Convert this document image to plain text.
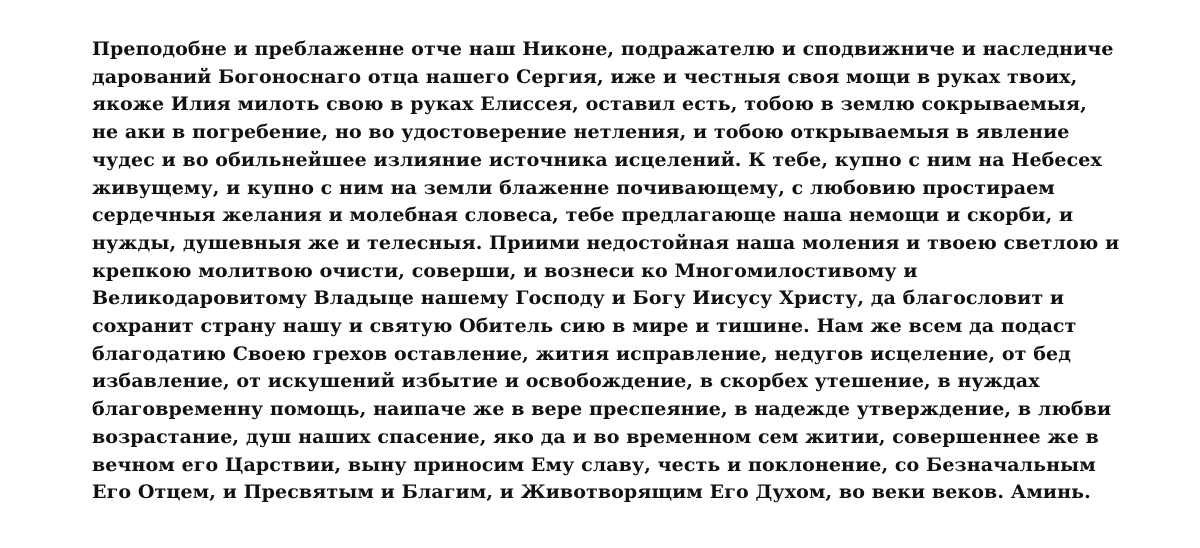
Преподобне и преблаженне отче наш Никоне, подражателю и сподвижниче и наследниче
дарований Богоноснаго отца нашего Сергия, иже и честныя своя мощи в руках твоих,
якоже Илия милоть свою в руках Елиссея, оставил есть, тобою в землю сокрываемыя,
не аки в погребение, но во удостоверение нетления, и тобою открываемыя в явление
чудес и во обильнейшее излияние источника исцелений. К тебе, купно с ним на Небесех
живущему, и купно с ним на земли блаженне почивающему, с любовию простираем
сердечныя желания и молебная словеса, тебе предлагающе наша немощи и скорби, и
нужды, душевныя же и телесныя. Приими недостойная наша моления и твоею светлою и
крепкою молитвою очисти, соверши, и вознеси ко Многомилостивому и
Великодаровитому Владыце нашему Господу и Богу Иисусу Христу, да благословит и
сохранит страну нашу и святую Обитель сию в мире и тишине. Нам же всем да подаст
благодатию Своею грехов оставление, жития исправление, недугов исцеление, от бед
избавление, от искушений избытие и освобождение, в скорбех утешение, в нуждах
благовременну помощь, наипаче же в вере преспеяние, в надежде утверждение, в любви
возрастание, душ наших спасение, яко да и во временном сем житии, совершеннее же в
вечном его Царствии, выну приносим Ему славу, честь и поклонение, со Безначальным
Его Отцем, и Пресвятым и Благим, и Животворящим Его Духом, во веки веков. Аминь.
